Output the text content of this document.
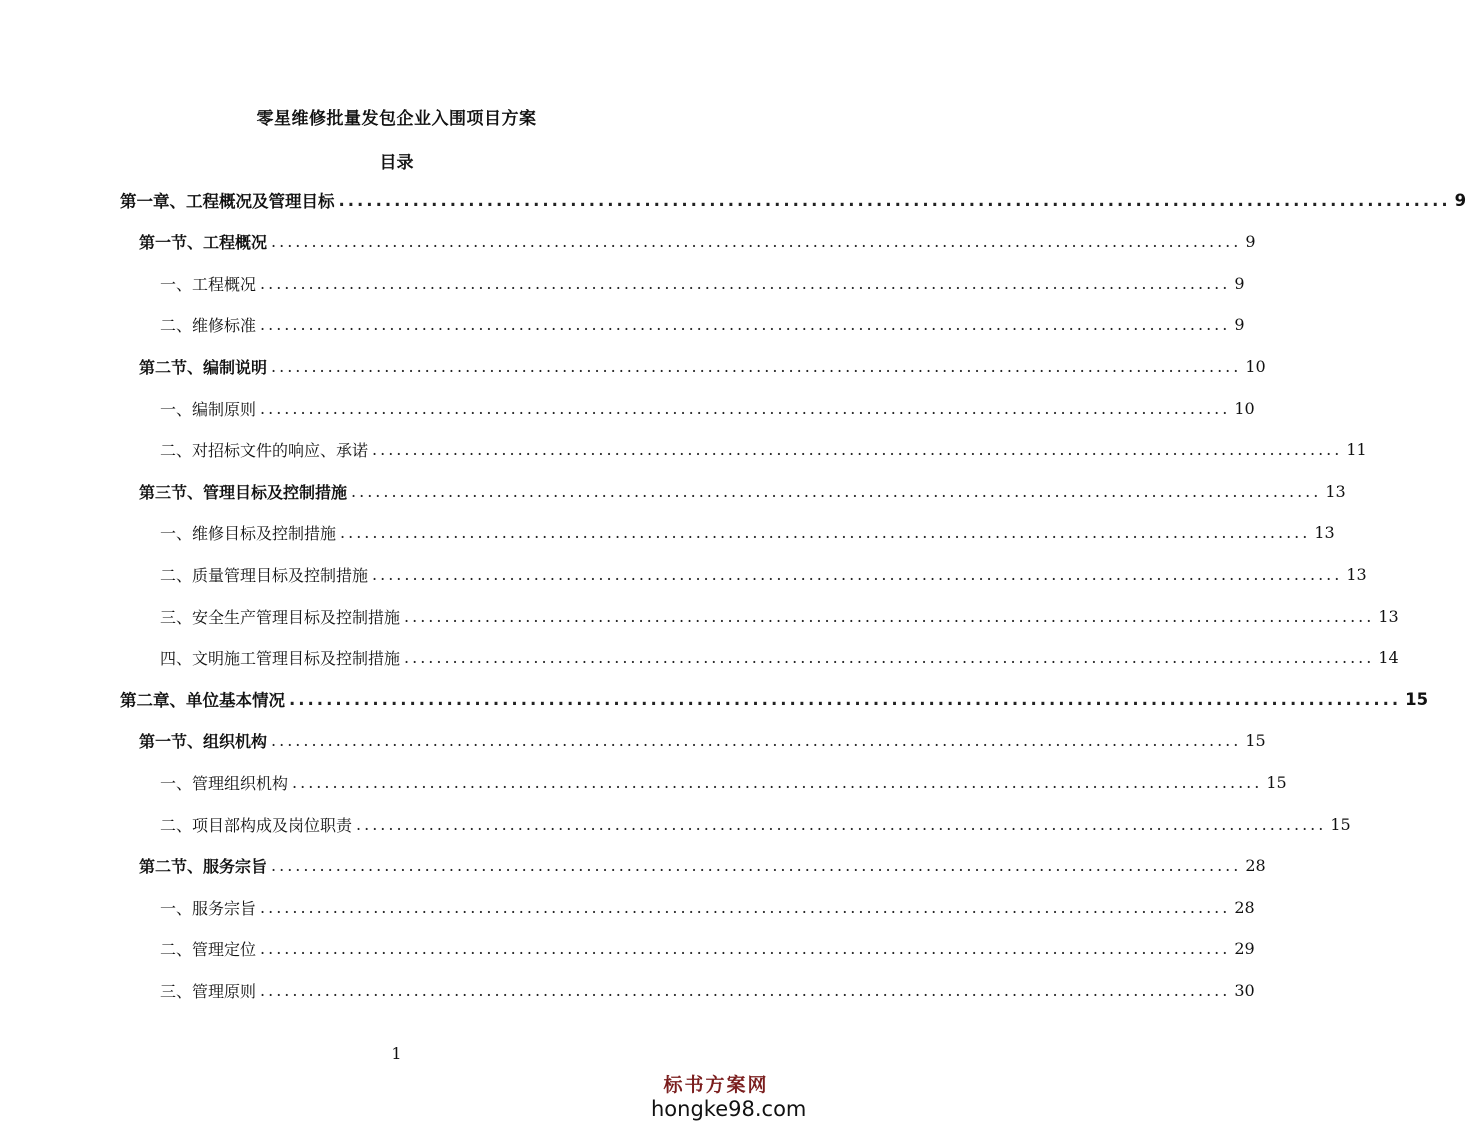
零星维修批量发包企业入围项目方案
目录
第一章、工程概况及管理目标 ........................................................................................................................ 9
第一节、工程概况 ........................................................................................................................ 9
一、工程概况 ........................................................................................................................ 9
二、维修标准 ........................................................................................................................ 9
第二节、编制说明 ........................................................................................................................ 10
一、编制原则 ........................................................................................................................ 10
二、对招标文件的响应、承诺 ........................................................................................................................ 11
第三节、管理目标及控制措施 ........................................................................................................................ 13
一、维修目标及控制措施 ........................................................................................................................ 13
二、质量管理目标及控制措施 ........................................................................................................................ 13
三、安全生产管理目标及控制措施 ........................................................................................................................ 13
四、文明施工管理目标及控制措施 ........................................................................................................................ 14
第二章、单位基本情况 ........................................................................................................................ 15
第一节、组织机构 ........................................................................................................................ 15
一、管理组织机构 ........................................................................................................................ 15
二、项目部构成及岗位职责 ........................................................................................................................ 15
第二节、服务宗旨 ........................................................................................................................ 28
一、服务宗旨 ........................................................................................................................ 28
二、管理定位 ........................................................................................................................ 29
三、管理原则 ........................................................................................................................ 30
1
标书方案网
hongke98.com
